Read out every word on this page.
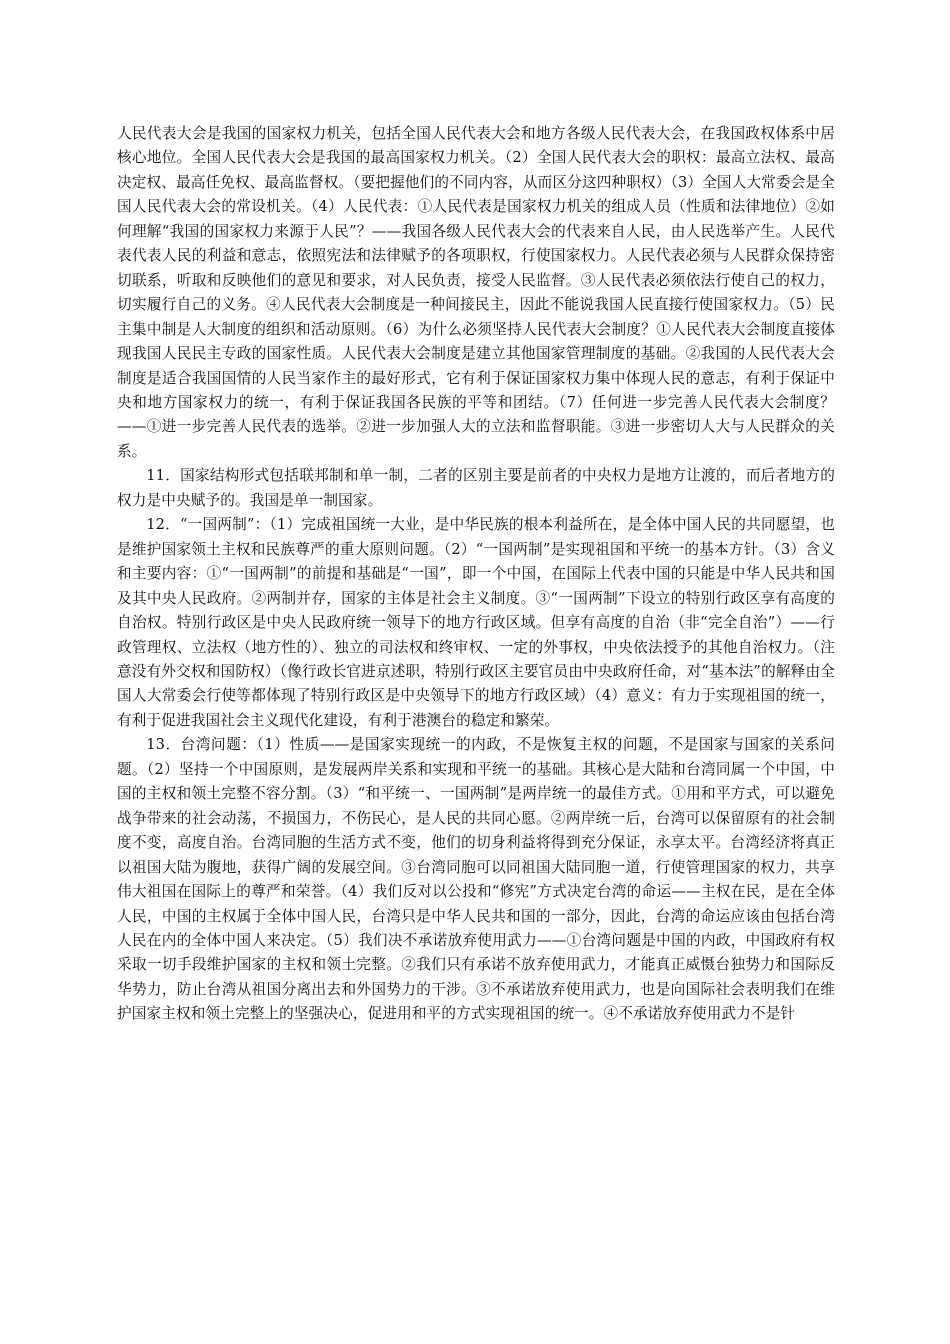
人民代表大会是我国的国家权力机关，包括全国人民代表大会和地方各级人民代表大会，在我国政权体系中居核心地位。全国人民代表大会是我国的最高国家权力机关。（2）全国人民代表大会的职权：最高立法权、最高决定权、最高任免权、最高监督权。（要把握他们的不同内容，从而区分这四种职权）（3）全国人大常委会是全国人民代表大会的常设机关。（4）人民代表：①人民代表是国家权力机关的组成人员（性质和法律地位）②如何理解“我国的国家权力来源于人民”？——我国各级人民代表大会的代表来自人民，由人民选举产生。人民代表代表人民的利益和意志，依照宪法和法律赋予的各项职权，行使国家权力。人民代表必须与人民群众保持密切联系，听取和反映他们的意见和要求，对人民负责，接受人民监督。③人民代表必须依法行使自己的权力，切实履行自己的义务。④人民代表大会制度是一种间接民主，因此不能说我国人民直接行使国家权力。（5）民主集中制是人大制度的组织和活动原则。（6）为什么必须坚持人民代表大会制度？①人民代表大会制度直接体现我国人民民主专政的国家性质。人民代表大会制度是建立其他国家管理制度的基础。②我国的人民代表大会制度是适合我国国情的人民当家作主的最好形式，它有利于保证国家权力集中体现人民的意志，有利于保证中央和地方国家权力的统一，有利于保证我国各民族的平等和团结。（7）任何进一步完善人民代表大会制度？——①进一步完善人民代表的选举。②进一步加强人大的立法和监督职能。③进一步密切人大与人民群众的关系。

11．国家结构形式包括联邦制和单一制，二者的区别主要是前者的中央权力是地方让渡的，而后者地方的权力是中央赋予的。我国是单一制国家。

12．“一国两制”：（1）完成祖国统一大业，是中华民族的根本利益所在，是全体中国人民的共同愿望，也是维护国家领土主权和民族尊严的重大原则问题。（2）“一国两制”是实现祖国和平统一的基本方针。（3）含义和主要内容：①“一国两制”的前提和基础是“一国”，即一个中国，在国际上代表中国的只能是中华人民共和国及其中央人民政府。②两制并存，国家的主体是社会主义制度。③“一国两制”下设立的特别行政区享有高度的自治权。特别行政区是中央人民政府统一领导下的地方行政区域。但享有高度的自治（非“完全自治”）——行政管理权、立法权（地方性的）、独立的司法权和终审权、一定的外事权，中央依法授予的其他自治权力。（注意没有外交权和国防权）（像行政长官进京述职，特别行政区主要官员由中央政府任命，对“基本法”的解释由全国人大常委会行使等都体现了特别行政区是中央领导下的地方行政区域）（4）意义：有力于实现祖国的统一，有利于促进我国社会主义现代化建设，有利于港澳台的稳定和繁荣。

13．台湾问题：（1）性质——是国家实现统一的内政，不是恢复主权的问题，不是国家与国家的关系问题。（2）坚持一个中国原则，是发展两岸关系和实现和平统一的基础。其核心是大陆和台湾同属一个中国，中国的主权和领土完整不容分割。（3）“和平统一、一国两制”是两岸统一的最佳方式。①用和平方式，可以避免战争带来的社会动荡，不损国力，不伤民心，是人民的共同心愿。②两岸统一后，台湾可以保留原有的社会制度不变，高度自治。台湾同胞的生活方式不变，他们的切身利益将得到充分保证，永享太平。台湾经济将真正以祖国大陆为腹地，获得广阔的发展空间。③台湾同胞可以同祖国大陆同胞一道，行使管理国家的权力，共享伟大祖国在国际上的尊严和荣誉。（4）我们反对以公投和“修宪”方式决定台湾的命运——主权在民，是在全体人民，中国的主权属于全体中国人民，台湾只是中华人民共和国的一部分，因此，台湾的命运应该由包括台湾人民在内的全体中国人来决定。（5）我们决不承诺放弃使用武力——①台湾问题是中国的内政，中国政府有权采取一切手段维护国家的主权和领土完整。②我们只有承诺不放弃使用武力，才能真正威慑台独势力和国际反华势力，防止台湾从祖国分离出去和外国势力的干涉。③不承诺放弃使用武力，也是向国际社会表明我们在维护国家主权和领土完整上的坚强决心，促进用和平的方式实现祖国的统一。④不承诺放弃使用武力不是针
